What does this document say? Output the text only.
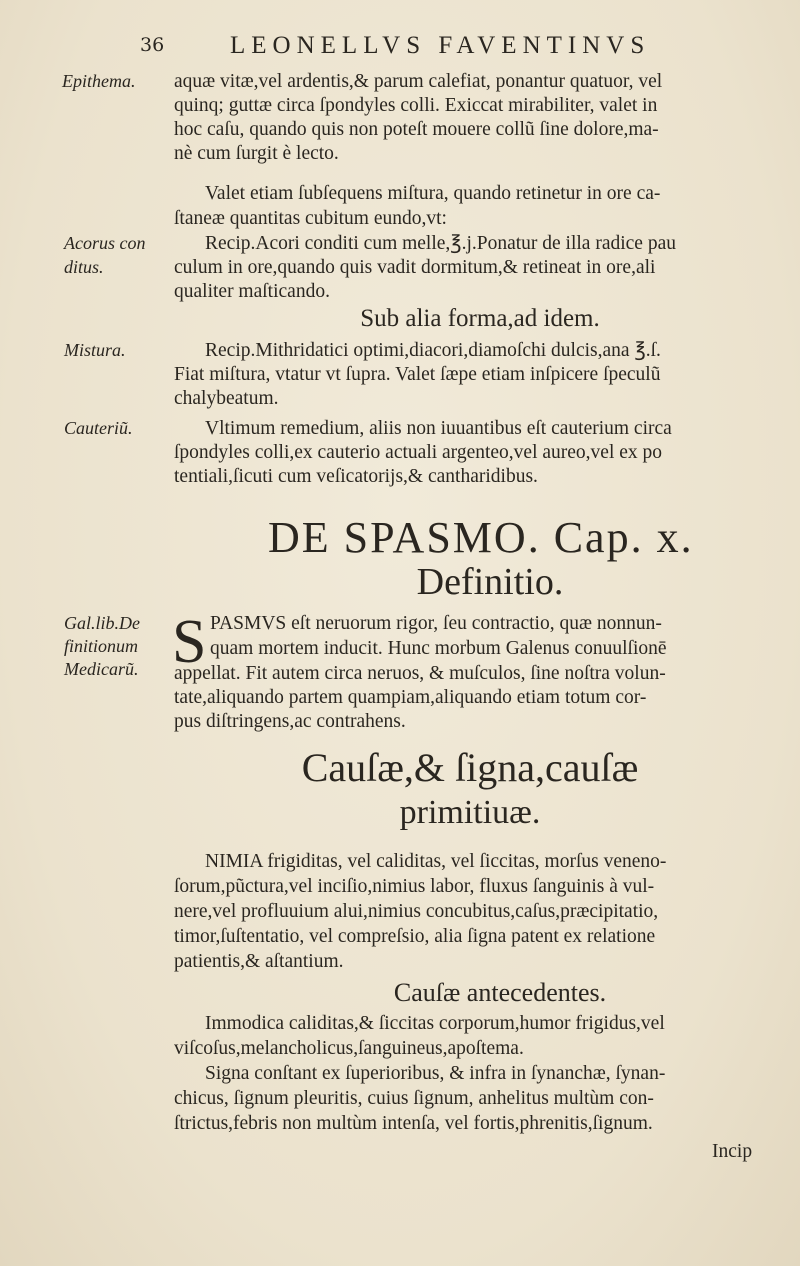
36	LEONELLVS FAVENTINVS
Epithema.
Acorus con
ditus.
Mistura.
Cauteriũ.
Gal.lib.De
finitionum
Medicarũ.
aquæ vitæ,vel ardentis,& parum calefiat, ponantur quatuor, vel
quinq; guttæ circa ſpondyles colli. Exiccat mirabiliter, valet in
hoc caſu, quando quis non poteſt mouere collũ ſine dolore,ma-
nè cum ſurgit è lecto.
Valet etiam ſubſequens miſtura, quando retinetur in ore ca-
ſtaneæ quantitas cubitum eundo,vt:
Recip.Acori conditi cum melle,℥.j.Ponatur de illa radice pau
culum in ore,quando quis vadit dormitum,& retineat in ore,ali
qualiter maſticando.
Sub alia forma,ad idem.
Recip.Mithridatici optimi,diacori,diamoſchi dulcis,ana ℥.ſ.
Fiat miſtura, vtatur vt ſupra. Valet ſæpe etiam inſpicere ſpeculũ
chalybeatum.
Vltimum remedium, aliis non iuuantibus eſt cauterium circa
ſpondyles colli,ex cauterio actuali argenteo,vel aureo,vel ex po
tentiali,ſicuti cum veſicatorijs,& cantharidibus.
DE SPASMO. Cap. x.
Definitio.
S PASMVS eſt neruorum rigor, ſeu contractio, quæ nonnun-
quam mortem inducit. Hunc morbum Galenus conuulſionē
appellat. Fit autem circa neruos, & muſculos, ſine noſtra volun-
tate,aliquando partem quampiam,aliquando etiam totum cor-
pus diſtringens,ac contrahens.
Cauſæ,& ſigna,cauſæ
primitiuæ.
NIMIA frigiditas, vel caliditas, vel ſiccitas, morſus veneno-
ſorum,pũctura,vel inciſio,nimius labor, fluxus ſanguinis à vul-
nere,vel profluuium alui,nimius concubitus,caſus,præcipitatio,
timor,ſuſtentatio, vel compreſsio, alia ſigna patent ex relatione
patientis,& aſtantium.
Cauſæ antecedentes.
Immodica caliditas,& ſiccitas corporum,humor frigidus,vel
viſcoſus,melancholicus,ſanguineus,apoſtema.
Signa conſtant ex ſuperioribus, & infra in ſynanchæ, ſynan-
chicus, ſignum pleuritis, cuius ſignum, anhelitus multùm con-
ſtrictus,febris non multùm intenſa, vel fortis,phrenitis,ſignum.
Incip
